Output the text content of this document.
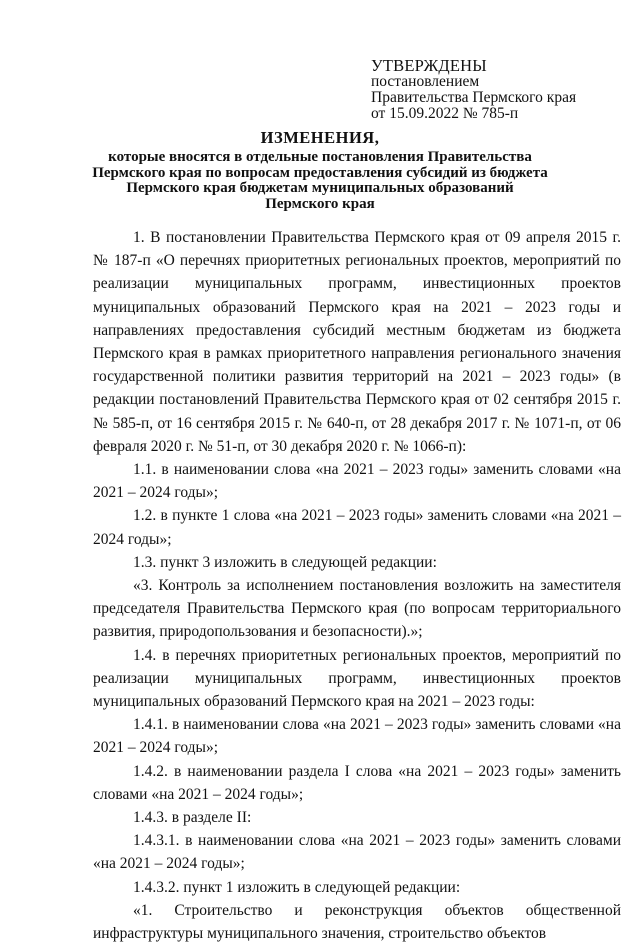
УТВЕРЖДЕНЫ
постановлением
Правительства Пермского края
от 15.09.2022 № 785-п
ИЗМЕНЕНИЯ,
которые вносятся в отдельные постановления Правительства Пермского края по вопросам предоставления субсидий из бюджета Пермского края бюджетам муниципальных образований Пермского края

1. В постановлении Правительства Пермского края от 09 апреля 2015 г. № 187-п «О перечнях приоритетных региональных проектов, мероприятий по реализации муниципальных программ, инвестиционных проектов муниципальных образований Пермского края на 2021 – 2023 годы и направлениях предоставления субсидий местным бюджетам из бюджета Пермского края в рамках приоритетного направления регионального значения государственной политики развития территорий на 2021 – 2023 годы» (в редакции постановлений Правительства Пермского края от 02 сентября 2015 г. № 585-п, от 16 сентября 2015 г. № 640-п, от 28 декабря 2017 г. № 1071-п, от 06 февраля 2020 г. № 51-п, от 30 декабря 2020 г. № 1066-п):

1.1. в наименовании слова «на 2021 – 2023 годы» заменить словами «на 2021 – 2024 годы»;

1.2. в пункте 1 слова «на 2021 – 2023 годы» заменить словами «на 2021 – 2024 годы»;

1.3. пункт 3 изложить в следующей редакции:

«3. Контроль за исполнением постановления возложить на заместителя председателя Правительства Пермского края (по вопросам территориального развития, природопользования и безопасности).»;

1.4. в перечнях приоритетных региональных проектов, мероприятий по реализации муниципальных программ, инвестиционных проектов муниципальных образований Пермского края на 2021 – 2023 годы:

1.4.1. в наименовании слова «на 2021 – 2023 годы» заменить словами «на 2021 – 2024 годы»;

1.4.2. в наименовании раздела I слова «на 2021 – 2023 годы» заменить словами «на 2021 – 2024 годы»;

1.4.3. в разделе II:

1.4.3.1. в наименовании слова «на 2021 – 2023 годы» заменить словами «на 2021 – 2024 годы»;

1.4.3.2. пункт 1 изложить в следующей редакции:

«1. Строительство и реконструкция объектов общественной инфраструктуры муниципального значения, строительство объектов
